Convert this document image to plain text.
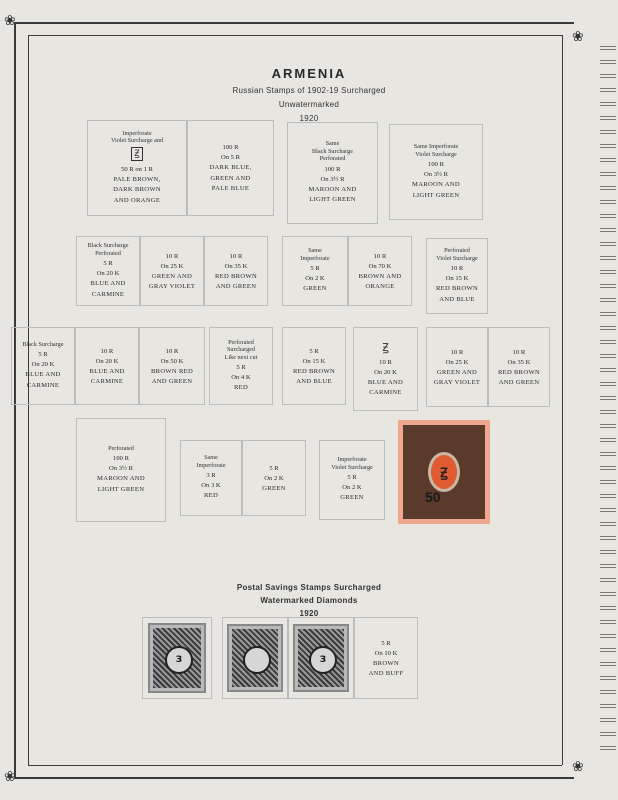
❀
❀
❀
❀
ARMENIA
Russian Stamps of 1902-19 Surcharged
Unwatermarked
1920
Imperforate
Violet Surcharge and
Ꙃ
50 R on 1 R
PALE BROWN,
DARK BROWN
AND ORANGE
100 R
On 5 R
DARK BLUE,
GREEN AND
PALE BLUE
Same
Black Surcharge
Perforated
100 R
On 3½ R
MAROON AND
LIGHT GREEN
Same Imperforate
Violet Surcharge
100 R
On 3½ R
MAROON AND
LIGHT GREEN
Black Surcharge
Perforated
5 R
On 20 K
BLUE AND
CARMINE
10 R
On 25 K
GREEN AND
GRAY VIOLET
10 R
On 35 K
RED BROWN
AND GREEN
Same
Imperforate
5 R
On 2 K
GREEN
10 R
On 70 K
BROWN AND
ORANGE
Perforated
Violet Surcharge
10 R
On 15 K
RED BROWN
AND BLUE
Black Surcharge
5 R
On 20 K
BLUE AND
CARMINE
10 R
On 20 K
BLUE AND
CARMINE
10 R
On 50 K
BROWN RED
AND GREEN
Perforated
Surcharged
Like next cut
5 R
On 4 K
RED
5 R
On 15 K
RED BROWN
AND BLUE
Ꙃ
10 R
On 20 K
BLUE AND
CARMINE
10 R
On 25 K
GREEN AND
GRAY VIOLET
10 R
On 35 K
RED BROWN
AND GREEN
Perforated
100 R
On 3½ R
MAROON AND
LIGHT GREEN
Same
Imperforate
3 R
On 3 K
RED
5 R
On 2 K
GREEN
Imperforate
Violet Surcharge
5 R
On 2 K
GREEN
Ꙃ
50
Postal Savings Stamps Surcharged
Watermarked Diamonds
1920
З	З
5 R
On 10 K
BROWN
AND BUFF
